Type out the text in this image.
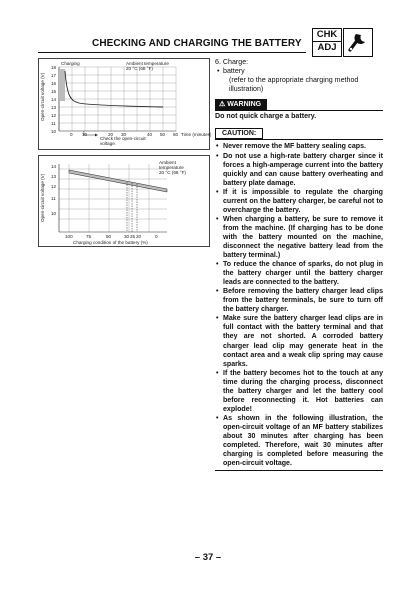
CHECKING AND CHARGING THE BATTERY
CHK
ADJ
Charging	Ambient temperature
20 °C (68 °F)
Open-circuit voltage (V)
18
17
16
15
14
13
12
11
10
0 10	20 30	40 50 60 Time (minutes)
Check the open-circuit
voltage.
Ambient
temperature
20 °C (68 °F)
Open-circuit voltage (V)
14
13
12
11
10
100	75	50	30 25 20	0
Charging condition of the battery (%)
6. Charge:
• battery
(refer to the appropriate charging method illustration)
⚠ WARNING
Do not quick charge a battery.
CAUTION:
• Never remove the MF battery sealing caps.
• Do not use a high-rate battery charger since it forces a high-amperage current into the battery quickly and can cause battery overheating and battery plate damage.
• If it is impossible to regulate the charging current on the battery charger, be careful not to overcharge the battery.
• When charging a battery, be sure to remove it from the machine. (If charging has to be done with the battery mounted on the machine, disconnect the negative battery lead from the battery terminal.)
• To reduce the chance of sparks, do not plug in the battery charger until the battery charger leads are connected to the battery.
• Before removing the battery charger lead clips from the battery terminals, be sure to turn off the battery charger.
• Make sure the battery charger lead clips are in full contact with the battery terminal and that they are not shorted. A corroded battery charger lead clip may generate heat in the contact area and a weak clip spring may cause sparks.
• If the battery becomes hot to the touch at any time during the charging process, disconnect the battery charger and let the battery cool before reconnecting it. Hot batteries can explode!
• As shown in the following illustration, the open-circuit voltage of an MF battery stabilizes about 30 minutes after charging has been completed. Therefore, wait 30 minutes after charging is completed before measuring the open-circuit voltage.
– 37 –
